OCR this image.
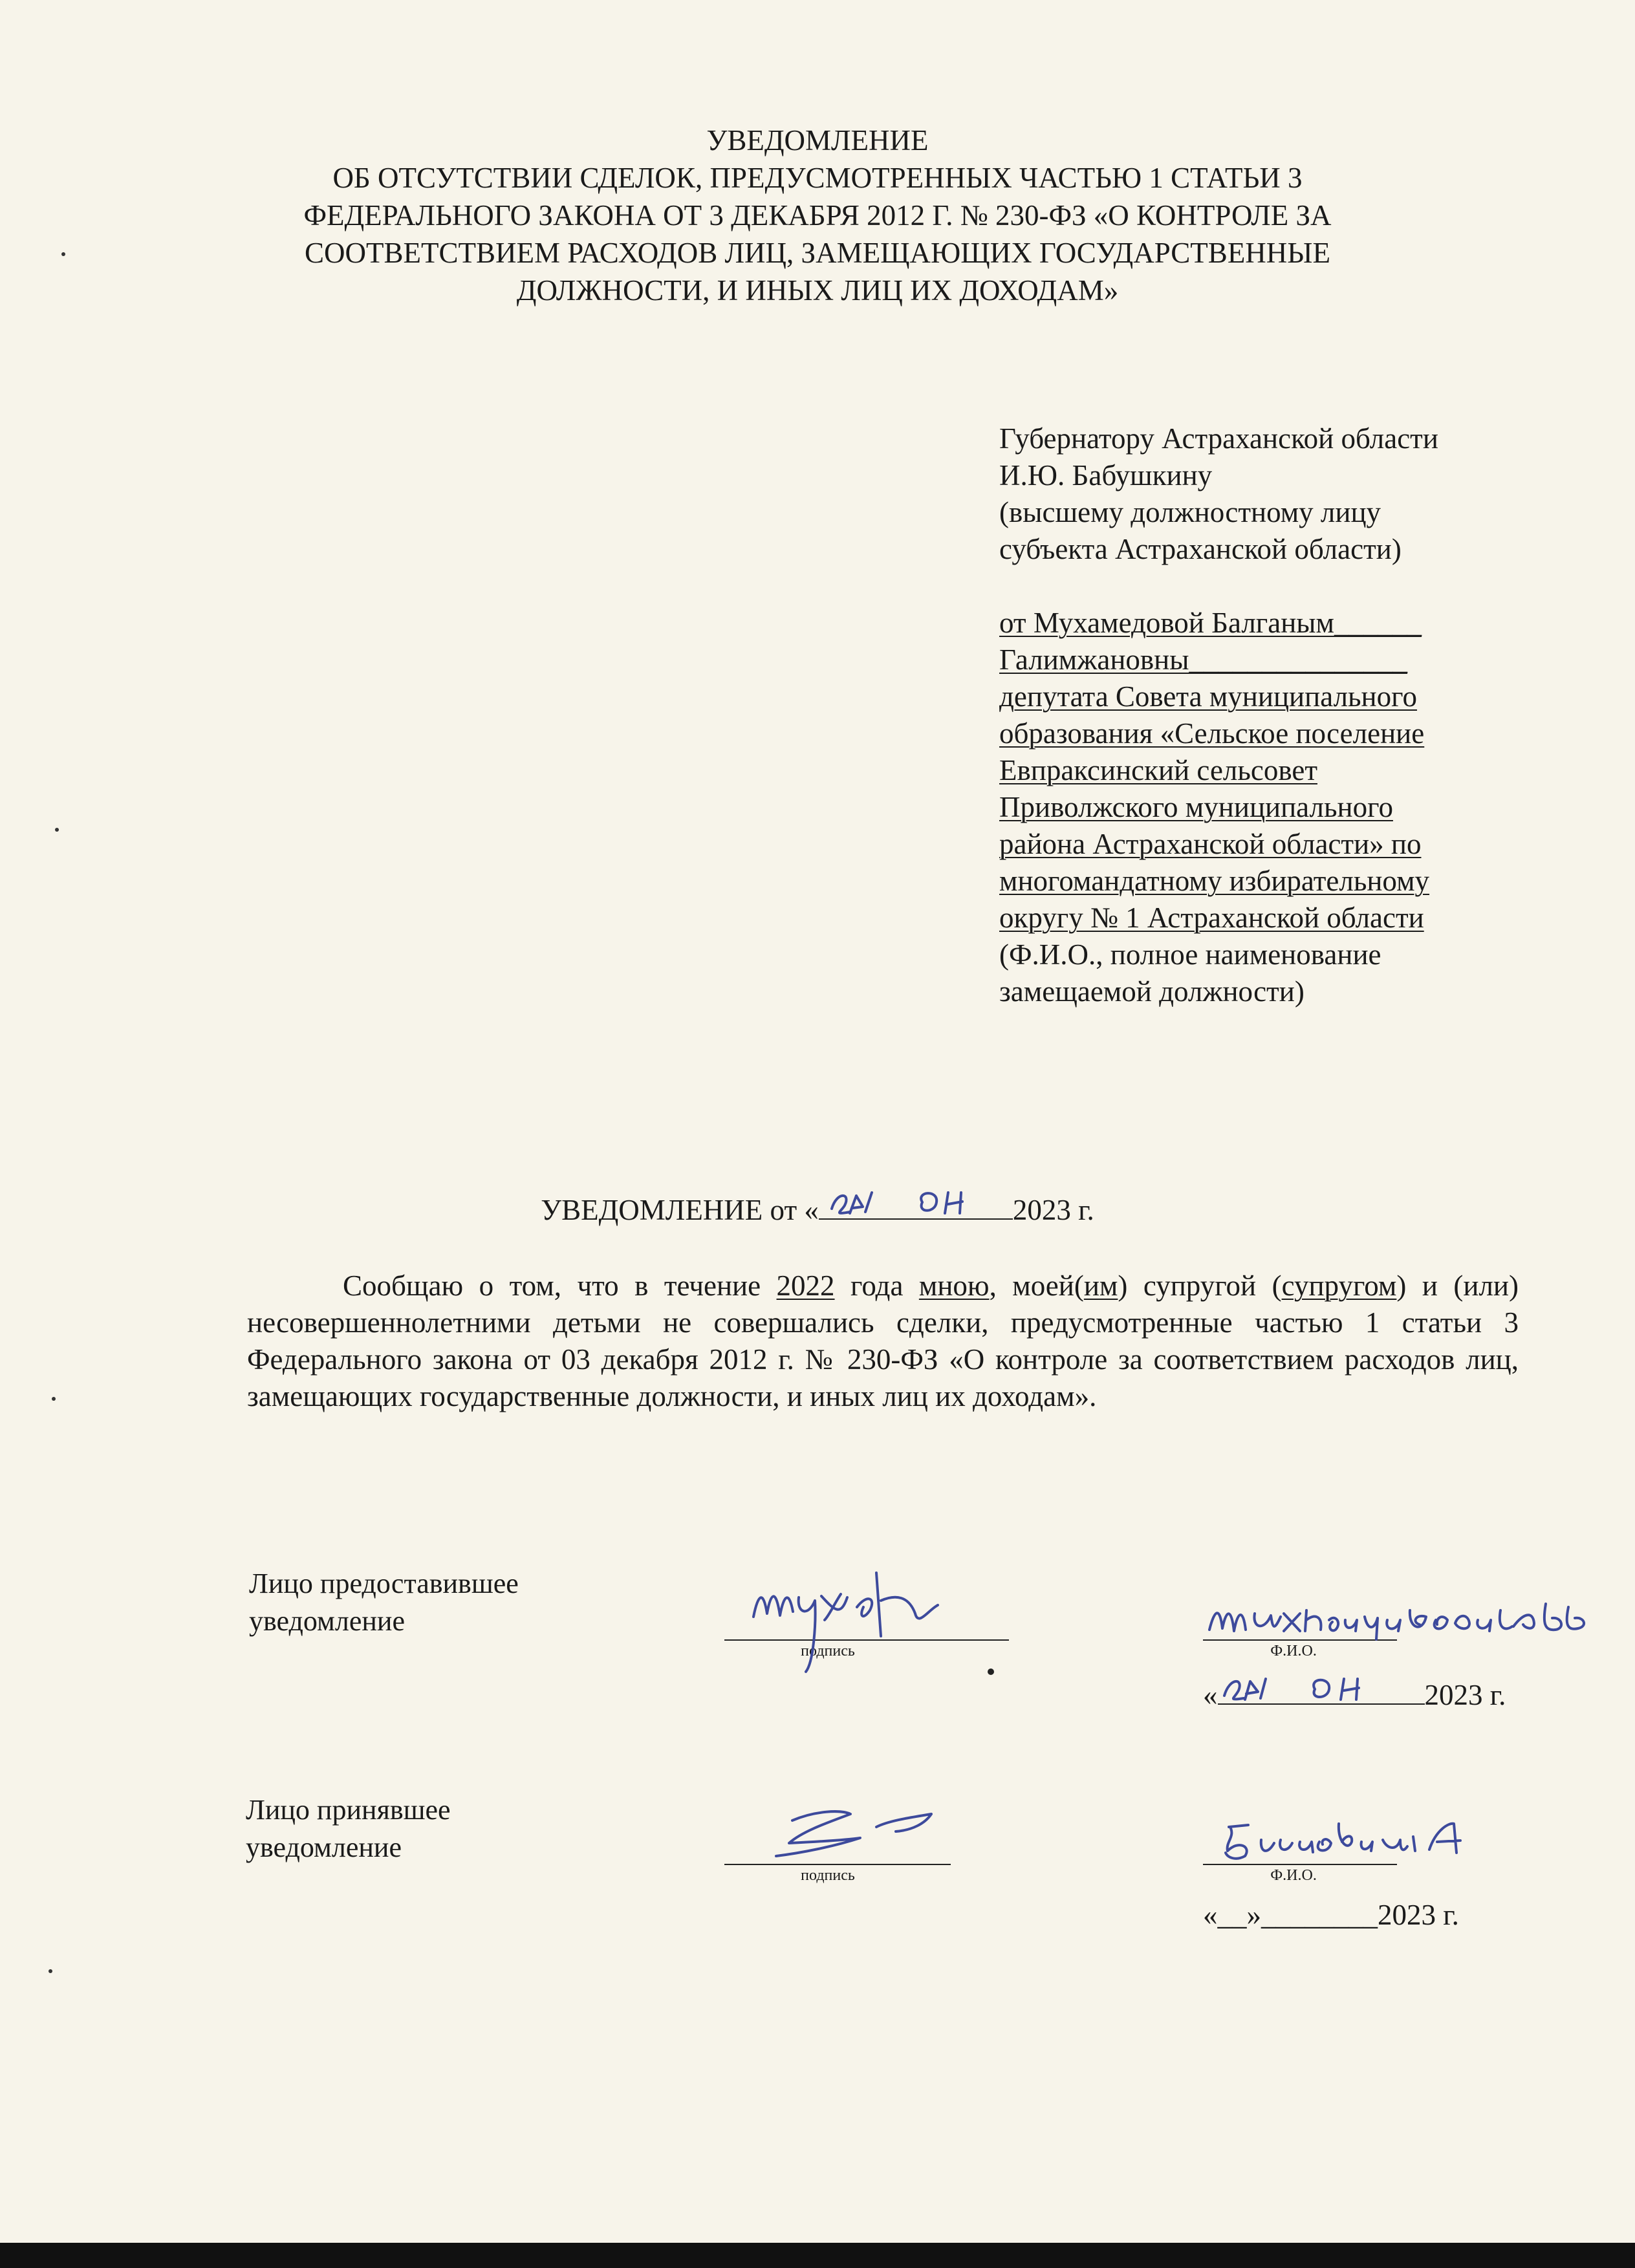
УВЕДОМЛЕНИЕ
ОБ ОТСУТСТВИИ СДЕЛОК, ПРЕДУСМОТРЕННЫХ ЧАСТЬЮ 1 СТАТЬИ 3
ФЕДЕРАЛЬНОГО ЗАКОНА ОТ 3 ДЕКАБРЯ 2012 Г. № 230-ФЗ «О КОНТРОЛЕ ЗА
СООТВЕТСТВИЕМ РАСХОДОВ ЛИЦ, ЗАМЕЩАЮЩИХ ГОСУДАРСТВЕННЫЕ
ДОЛЖНОСТИ, И ИНЫХ ЛИЦ ИХ ДОХОДАМ»
Губернатору Астраханской области
И.Ю. Бабушкину
(высшему должностному лицу
субъекта Астраханской области)
от Мухамедовой Балганым______
Галимжановны_______________
депутата Совета муниципального
образования «Сельское поселение
Евпраксинский сельсовет
Приволжского муниципального
района Астраханской области» по
многомандатному избирательному
округу № 1 Астраханской области
(Ф.И.О., полное наименование
замещаемой должности)
УВЕДОМЛЕНИЕ от «	2023 г.
Сообщаю о том, что в течение 2022 года мною, моей(им) супругой (супругом) и (или) несовершеннолетними детьми не совершались сделки, предусмотренные частью 1 статьи 3 Федерального закона от 03 декабря 2012 г. № 230-ФЗ «О контроле за соответствием расходов лиц, замещающих государственные должности, и иных лиц их доходам».
Лицо предоставившее
уведомление
подпись	Ф.И.О.
«	2023 г.
Лицо принявшее
уведомление
подпись	Ф.И.О.
«__»________2023 г.
